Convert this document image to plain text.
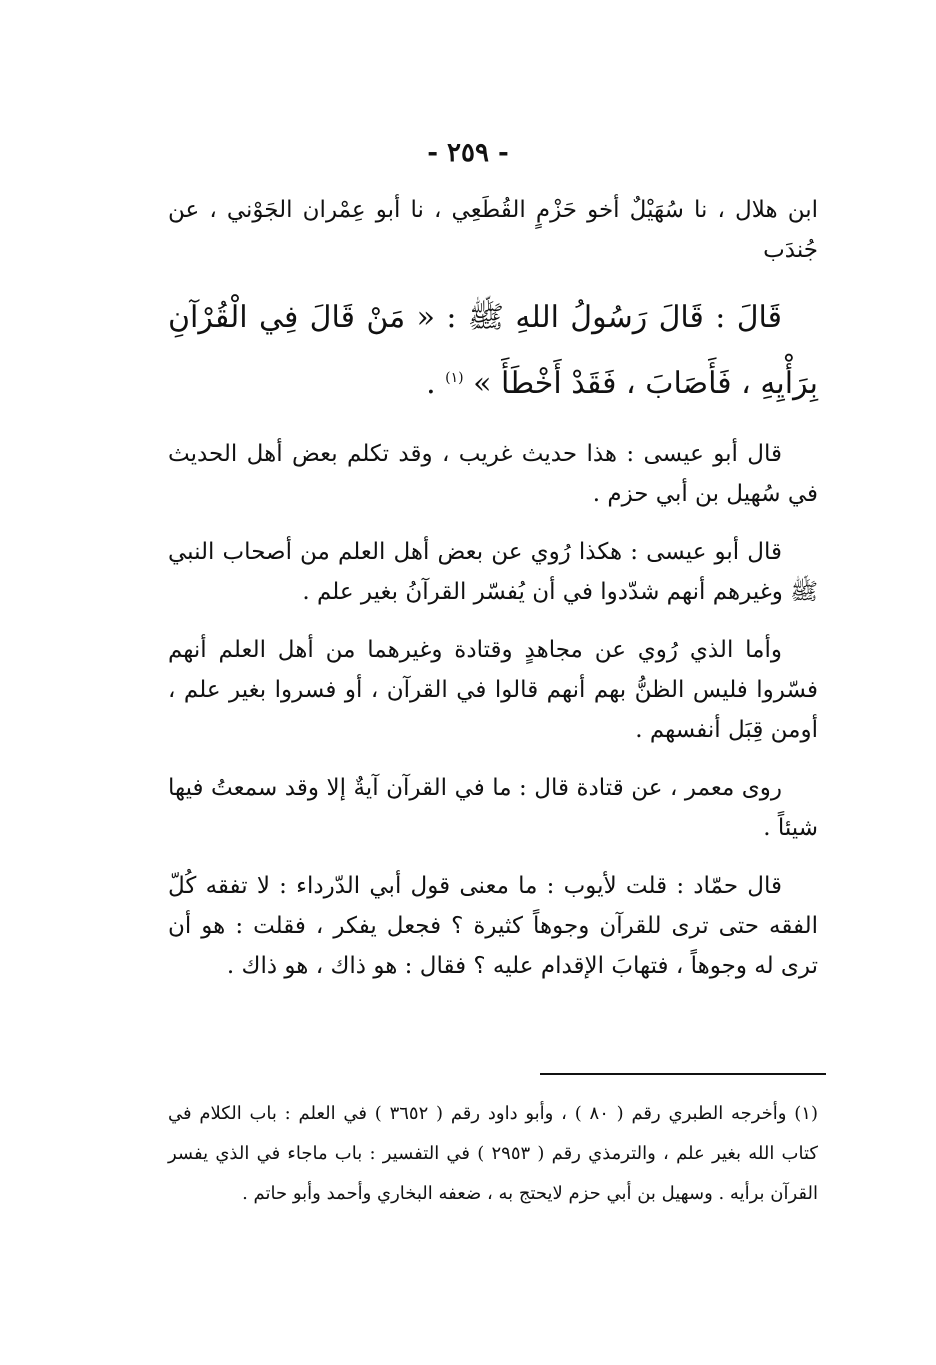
- ٢٥٩ -

ابن هلال ، نا سُهَيْلٌ أخو حَزْمٍ القُطَعِي ، نا أبو عِمْران الجَوْني ، عن جُندَب

قَالَ : قَالَ رَسُولُ اللهِ ﷺ : « مَنْ قَالَ فِي الْقُرْآنِ بِرَأْيِهِ ، فَأَصَابَ ، فَقَدْ أَخْطَأَ » $^{(١)}$ .

قال أبو عيسى : هذا حديث غريب ، وقد تكلم بعض أهل الحديث في سُهيل بن أبي حزم .

قال أبو عيسى : هكذا رُوي عن بعض أهل العلم من أصحاب النبي ﷺ وغيرهم أنهم شدّدوا في أن يُفسّر القرآنُ بغير علم .

وأما الذي رُوي عن مجاهدٍ وقتادة وغيرهما من أهل العلم أنهم فسّروا فليس الظنُّ بهم أنهم قالوا في القرآن ، أو فسروا بغير علم ، أومن قِبَل أنفسهم .

روى معمر ، عن قتادة قال : ما في القرآن آيةٌ إلا وقد سمعتُ فيها شيئاً .

قال حمّاد : قلت لأيوب : ما معنى قول أبي الدّرداء : لا تفقه كُلّ الفقه حتى ترى للقرآن وجوهاً كثيرة ؟ فجعل يفكر ، فقلت : هو أن ترى له وجوهاً ، فتهابَ الإقدام عليه ؟ فقال : هو ذاك ، هو ذاك .

(١) وأخرجه الطبري رقم ( ٨٠ ) ، وأبو داود رقم ( ٣٦٥٢ ) في العلم : باب الكلام في كتاب الله بغير علم ، والترمذي رقم ( ٢٩٥٣ ) في التفسير : باب ماجاء في الذي يفسر القرآن برأيه . وسهيل بن أبي حزم لايحتج به ، ضعفه البخاري وأحمد وأبو حاتم .
